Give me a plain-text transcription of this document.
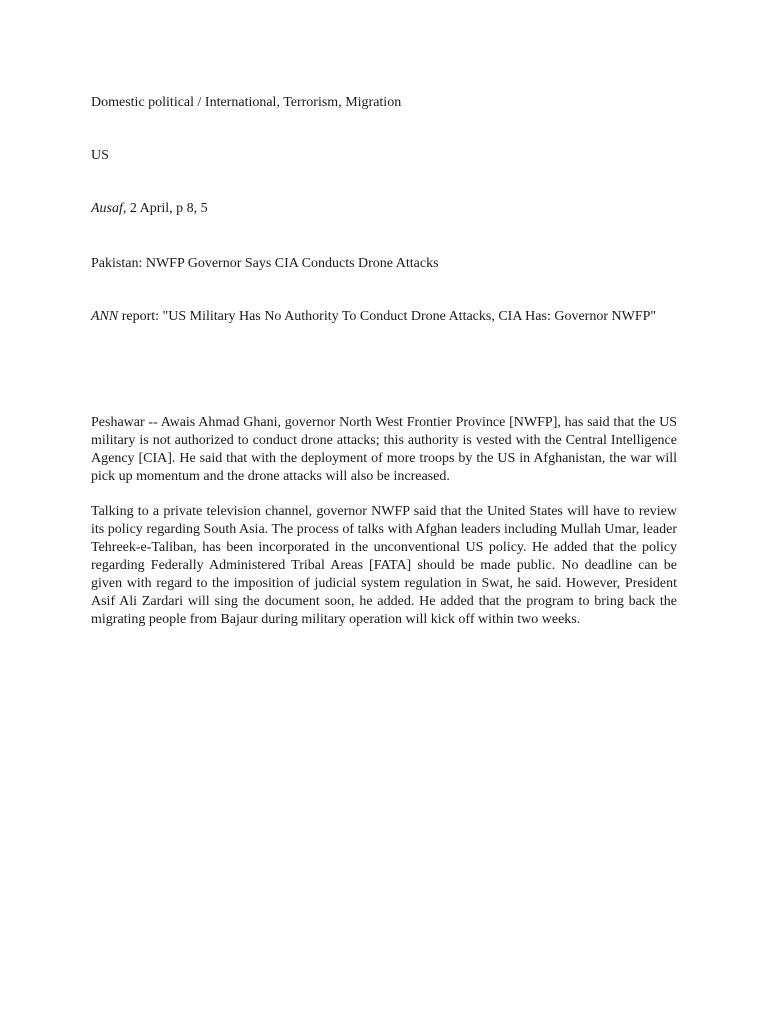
Domestic political / International, Terrorism, Migration

US

Ausaf, 2 April, p 8, 5

Pakistan: NWFP Governor Says CIA Conducts Drone Attacks

ANN report: "US Military Has No Authority To Conduct Drone Attacks, CIA Has: Governor NWFP"

Peshawar -- Awais Ahmad Ghani, governor North West Frontier Province [NWFP], has said that the US military is not authorized to conduct drone attacks; this authority is vested with the Central Intelligence Agency [CIA]. He said that with the deployment of more troops by the US in Afghanistan, the war will pick up momentum and the drone attacks will also be increased.

Talking to a private television channel, governor NWFP said that the United States will have to review its policy regarding South Asia. The process of talks with Afghan leaders including Mullah Umar, leader Tehreek-e-Taliban, has been incorporated in the unconventional US policy. He added that the policy regarding Federally Administered Tribal Areas [FATA] should be made public. No deadline can be given with regard to the imposition of judicial system regulation in Swat, he said. However, President Asif Ali Zardari will sing the document soon, he added. He added that the program to bring back the migrating people from Bajaur during military operation will kick off within two weeks.
